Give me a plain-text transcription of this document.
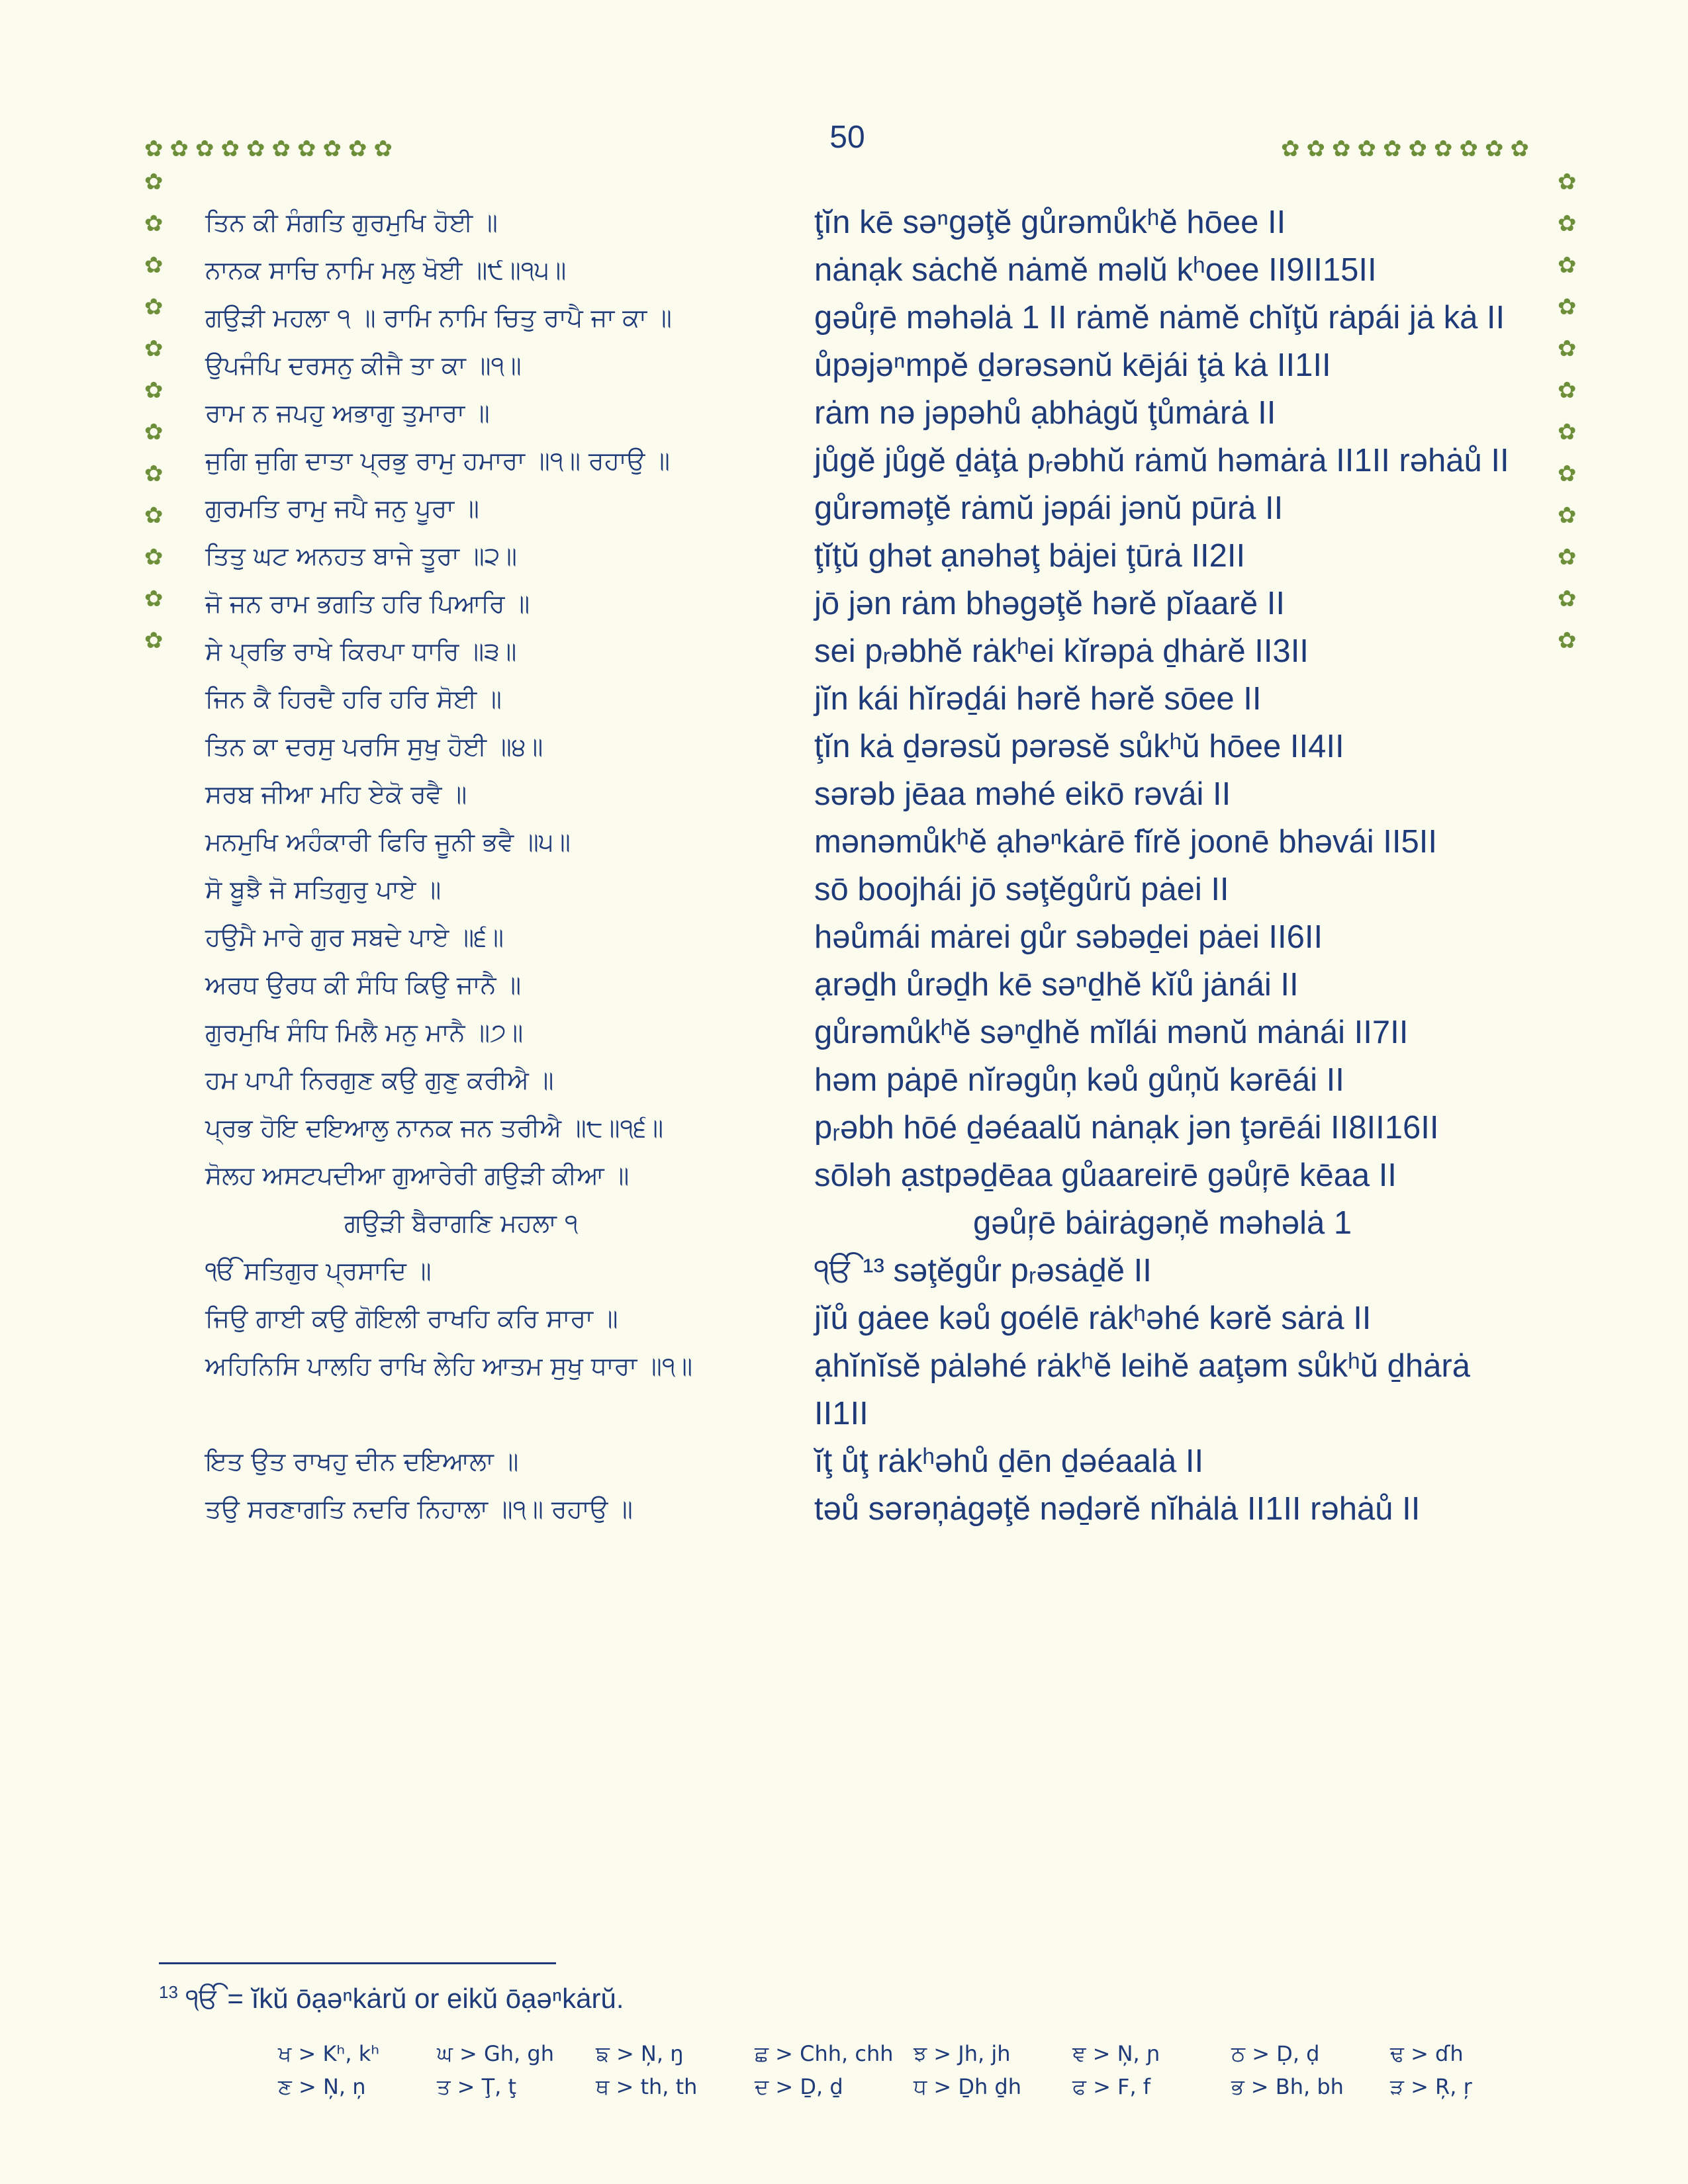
50
✿ ✿ ✿ ✿ ✿ ✿ ✿ ✿ ✿ ✿	✿ ✿ ✿ ✿ ✿ ✿ ✿ ✿ ✿ ✿
✿
✿
✿
✿
✿
✿
✿
✿
✿
✿
✿
✿
✿
✿
✿
✿
✿
✿
✿
✿
✿
✿
✿
✿
ਤਿਨ ਕੀ ਸੰਗਤਿ ਗੁਰਮੁਖਿ ਹੋਈ ॥	ţĭn kē səⁿgəţĕ gůrəmůkʰĕ hōee II
ਨਾਨਕ ਸਾਚਿ ਨਾਮਿ ਮਲੁ ਖੋਈ ॥੯॥੧੫॥	nȧnạk sȧchĕ nȧmĕ məlŭ kʰoee II9II15II
ਗਉੜੀ ਮਹਲਾ ੧ ॥ ਰਾਮਿ ਨਾਮਿ ਚਿਤੁ ਰਾਪੈ ਜਾ ਕਾ ॥	gəůŗē məhəlȧ 1 II rȧmĕ nȧmĕ chĭţŭ rȧpái jȧ kȧ II
ਉਪਜੰਪਿ ਦਰਸਨੁ ਕੀਜੈ ਤਾ ਕਾ ॥੧॥	ůpəjəⁿmpĕ ḏərəsənŭ kējái ţȧ kȧ II1II
ਰਾਮ ਨ ਜਪਹੁ ਅਭਾਗੁ ਤੁਮਾਰਾ ॥	rȧm nə jəpəhů ạbhȧgŭ ţůmȧrȧ II
ਜੁਗਿ ਜੁਗਿ ਦਾਤਾ ਪ੍ਰਭੁ ਰਾਮੁ ਹਮਾਰਾ ॥੧॥ ਰਹਾਉ ॥	jůgĕ jůgĕ ḏȧţȧ pᵣəbhŭ rȧmŭ həmȧrȧ II1II rəhȧů II
ਗੁਰਮਤਿ ਰਾਮੁ ਜਪੈ ਜਨੁ ਪੂਰਾ ॥	gůrəməţĕ rȧmŭ jəpái jənŭ pūrȧ II
ਤਿਤੁ ਘਟ ਅਨਹਤ ਬਾਜੇ ਤੂਰਾ ॥੨॥	ţĭţŭ ghət ạnəhəţ bȧjei ţūrȧ II2II
ਜੋ ਜਨ ਰਾਮ ਭਗਤਿ ਹਰਿ ਪਿਆਰਿ ॥	jō jən rȧm bhəgəţĕ hərĕ pĭaarĕ II
ਸੇ ਪ੍ਰਭਿ ਰਾਖੇ ਕਿਰਪਾ ਧਾਰਿ ॥੩॥	sei pᵣəbhĕ rȧkʰei kĭrəpȧ ḏhȧrĕ II3II
ਜਿਨ ਕੈ ਹਿਰਦੈ ਹਰਿ ਹਰਿ ਸੋਈ ॥	jĭn kái hĭrəḏái hərĕ hərĕ sōee II
ਤਿਨ ਕਾ ਦਰਸੁ ਪਰਸਿ ਸੁਖੁ ਹੋਈ ॥੪॥	ţĭn kȧ ḏərəsŭ pərəsĕ sůkʰŭ hōee II4II
ਸਰਬ ਜੀਆ ਮਹਿ ਏਕੋ ਰਵੈ ॥	sərəb jēaa məhé eikō rəvái II
ਮਨਮੁਖਿ ਅਹੰਕਾਰੀ ਫਿਰਿ ਜੂਨੀ ਭਵੈ ॥੫॥	mənəmůkʰĕ ạhəⁿkȧrē fĭrĕ joonē bhəvái II5II
ਸੋ ਬੂਝੈ ਜੋ ਸਤਿਗੁਰੁ ਪਾਏ ॥	sō boojhái jō səţĕgůrŭ pȧei II
ਹਉਮੈ ਮਾਰੇ ਗੁਰ ਸਬਦੇ ਪਾਏ ॥੬॥	həůmái mȧrei gůr səbəḏei pȧei II6II
ਅਰਧ ਉਰਧ ਕੀ ਸੰਧਿ ਕਿਉ ਜਾਨੈ ॥	ạrəḏh ůrəḏh kē səⁿḏhĕ kĭů jȧnái II
ਗੁਰਮੁਖਿ ਸੰਧਿ ਮਿਲੈ ਮਨੁ ਮਾਨੈ ॥੭॥	gůrəmůkʰĕ səⁿḏhĕ mĭlái mənŭ mȧnái II7II
ਹਮ ਪਾਪੀ ਨਿਰਗੁਣ ਕਉ ਗੁਣੁ ਕਰੀਐ ॥	həm pȧpē nĭrəgůņ kəů gůņŭ kərēái II
ਪ੍ਰਭ ਹੋਇ ਦਇਆਲੁ ਨਾਨਕ ਜਨ ਤਰੀਐ ॥੮॥੧੬॥	pᵣəbh hōé ḏəéaalŭ nȧnạk jən ţərēái II8II16II
ਸੋਲਹ ਅਸਟਪਦੀਆ ਗੁਆਰੇਰੀ ਗਉੜੀ ਕੀਆ ॥	sōləh ạstpəḏēaa gůaareirē gəůŗē kēaa II
ਗਉੜੀ ਬੈਰਾਗਣਿ ਮਹਲਾ ੧	gəůŗē bȧirȧgəņĕ məhəlȧ 1
ੴ ਸਤਿਗੁਰ ਪ੍ਰਸਾਦਿ ॥	ੴ ¹³ səţĕgůr pᵣəsȧḏĕ II
ਜਿਉ ਗਾਈ ਕਉ ਗੋਇਲੀ ਰਾਖਹਿ ਕਰਿ ਸਾਰਾ ॥	jĭů gȧee kəů goélē rȧkʰəhé kərĕ sȧrȧ II
ਅਹਿਨਿਸਿ ਪਾਲਹਿ ਰਾਖਿ ਲੇਹਿ ਆਤਮ ਸੁਖੁ ਧਾਰਾ ॥੧॥	ạhĭnĭsĕ pȧləhé rȧkʰĕ leihĕ aaţəm sůkʰŭ ḏhȧrȧ II1II
ਇਤ ਉਤ ਰਾਖਹੁ ਦੀਨ ਦਇਆਲਾ ॥	ĭţ ůţ rȧkʰəhů ḏēn ḏəéaalȧ II
ਤਉ ਸਰਣਾਗਤਿ ਨਦਰਿ ਨਿਹਾਲਾ ॥੧॥ ਰਹਾਉ ॥	təů sərəņȧgəţĕ nəḏərĕ nĭhȧlȧ II1II rəhȧů II
$^{13}$ ੴ = ĭkŭ ōạəⁿkȧrŭ or eikŭ ōạəⁿkȧrŭ.
ਖ > Kʰ, kʰ	ਘ > Gh, gh	ਙ > Ņ, ŋ	ਛ > Chh, chh ਝ > Jh, jh	ਞ > Ņ, ɲ	ਠ > Ḍ, ḍ	ਢ > ɗh
ਣ > Ņ, ņ	ਤ > Ţ, ţ	ਥ > th, th	ਦ > Ḏ, ḏ	ਧ > Ḏh ḏh	ਫ > F, f	ਭ > Bh, bh	ੜ > Ŗ, ŗ
